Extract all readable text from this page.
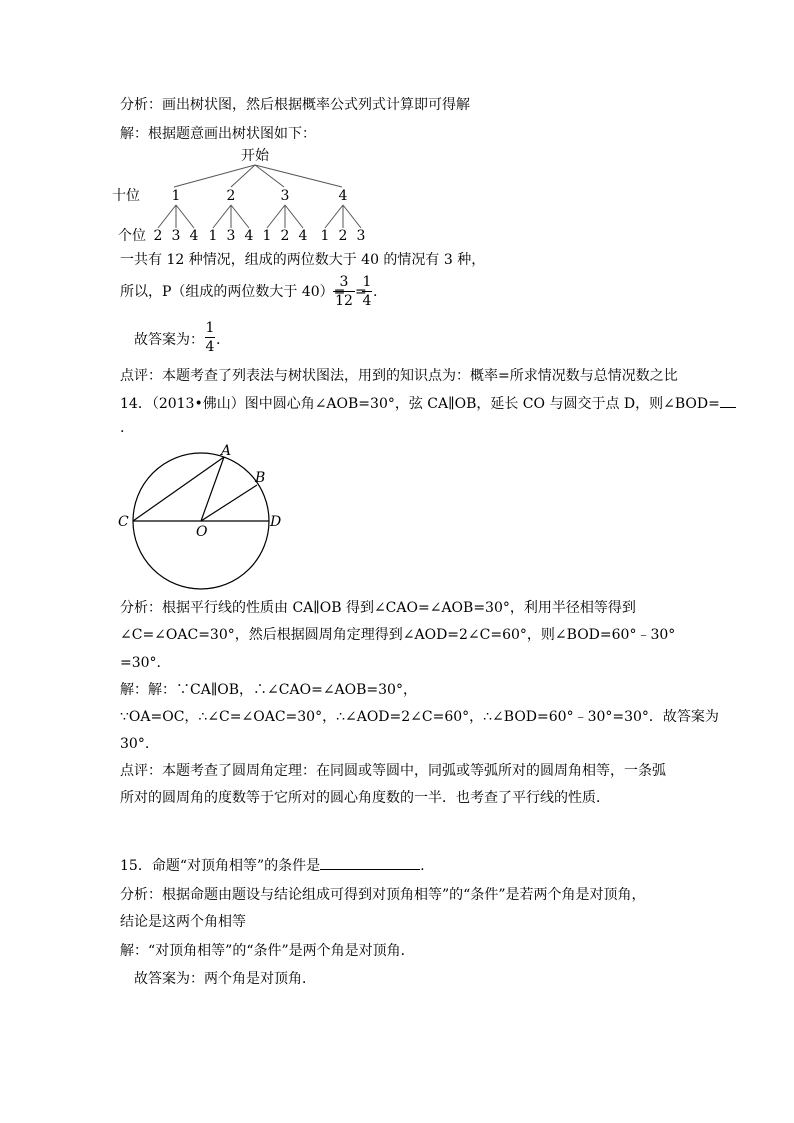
分析：画出树状图，然后根据概率公式列式计算即可得解
解：根据题意画出树状图如下：
开始
十位
个位
1	2	3	4
2 3 4 1 3 4 1 2 4 1 2 3
一共有 12 种情况，组成的两位数大于 40 的情况有 3 种，
所以，P（组成的两位数大于 40）=
3
12
=
1
4
.
故答案为：
1
4 .
点评：本题考查了列表法与树状图法，用到的知识点为：概率=所求情况数与总情况数之比
14．（2013•佛山）图中圆心角∠AOB=30°，弦 CA∥OB，延长 CO 与圆交于点 D，则∠BOD=
.
A
B
C
O
D
分析：根据平行线的性质由 CA∥OB 得到∠CAO=∠AOB=30°，利用半径相等得到
∠C=∠OAC=30°，然后根据圆周角定理得到∠AOD=2∠C=60°，则∠BOD=60°﹣30°
=30°.
解：解：∵CA∥OB，∴∠CAO=∠AOB=30°，
∵OA=OC，∴∠C=∠OAC=30°，∴∠AOD=2∠C=60°，∴∠BOD=60°﹣30°=30°．故答案为
30°.
点评：本题考查了圆周角定理：在同圆或等圆中，同弧或等弧所对的圆周角相等，一条弧
所对的圆周角的度数等于它所对的圆心角度数的一半．也考查了平行线的性质．
15．命题“对顶角相等”的条件是	.
分析：根据命题由题设与结论组成可得到对顶角相等”的“条件”是若两个角是对顶角，
结论是这两个角相等
解：“对顶角相等”的“条件”是两个角是对顶角．
故答案为：两个角是对顶角．
